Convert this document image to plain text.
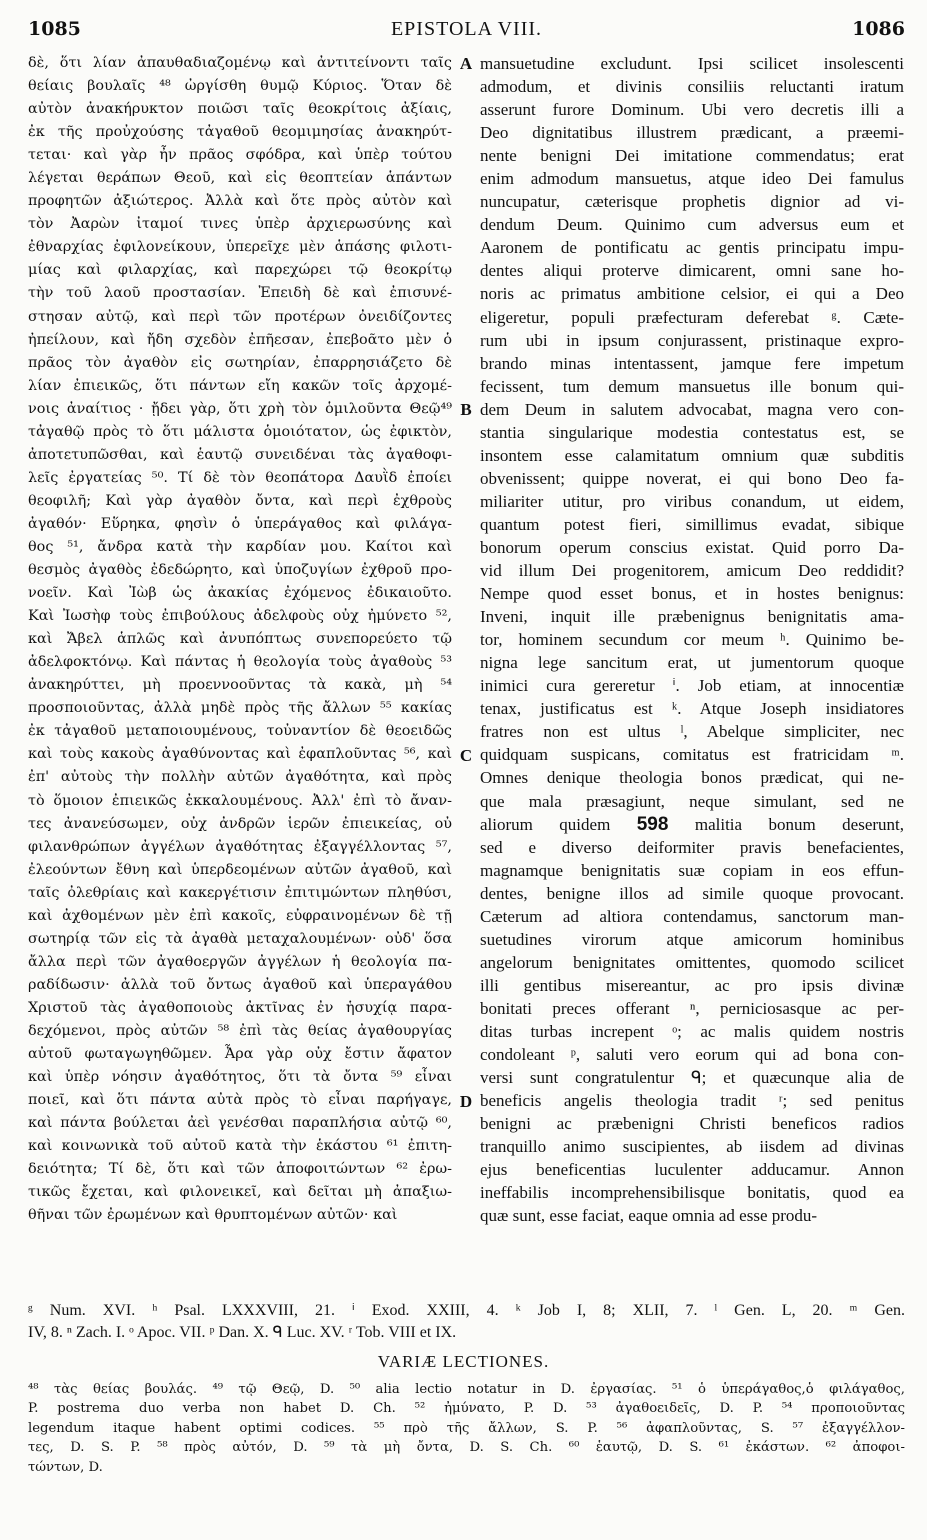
1085	EPISTOLA VIII.	1086
δὲ, ὅτι λίαν ἀπαυθαδιαζομένῳ καὶ ἀντιτείνοντι ταῖς
θείαις βουλαῖς ⁴⁸ ὠργίσθη θυμῷ Κύριος. Ὅταν δὲ
αὐτὸν ἀνακήρυκτον ποιῶσι ταῖς θεοκρίτοις ἀξίαις,
ἐκ τῆς προὐχούσης τἀγαθοῦ θεομιμησίας ἀνακηρύτ-
τεται· καὶ γὰρ ἦν πρᾶος σφόδρα, καὶ ὑπὲρ τούτου
λέγεται θεράπων Θεοῦ, καὶ εἰς θεοπτείαν ἁπάντων
προφητῶν ἀξιώτερος. Ἀλλὰ καὶ ὅτε πρὸς αὐτὸν καὶ
τὸν Ἀαρὼν ἰταμοί τινες ὑπὲρ ἀρχιερωσύνης καὶ
ἐθναρχίας ἐφιλονείκουν, ὑπερεῖχε μὲν ἁπάσης φιλοτι-
μίας καὶ φιλαρχίας, καὶ παρεχώρει τῷ θεοκρίτῳ
τὴν τοῦ λαοῦ προστασίαν. Ἐπειδὴ δὲ καὶ ἐπισυνέ-
στησαν αὐτῷ, καὶ περὶ τῶν προτέρων ὀνειδίζοντες
ἠπείλουν, καὶ ἤδη σχεδὸν ἐπῆεσαν, ἐπεβοᾶτο μὲν ὁ
πρᾶος τὸν ἀγαθὸν εἰς σωτηρίαν, ἐπαρρησιάζετο δὲ
λίαν ἐπιεικῶς, ὅτι πάντων εἴη κακῶν τοῖς ἀρχομέ-
νοις ἀναίτιος · ᾔδει γὰρ, ὅτι χρὴ τὸν ὁμιλοῦντα Θεῷ⁴⁹
τἀγαθῷ πρὸς τὸ ὅτι μάλιστα ὁμοιότατον, ὡς ἐφικτὸν,
ἀποτετυπῶσθαι, καὶ ἑαυτῷ συνειδέναι τὰς ἀγαθοφι-
λεῖς ἐργατείας ⁵⁰. Τί δὲ τὸν θεοπάτορα Δαυῒδ ἐποίει
θεοφιλῆ; Καὶ γὰρ ἀγαθὸν ὄντα, καὶ περὶ ἐχθροὺς
ἀγαθόν· Εὕρηκα, φησὶν ὁ ὑπεράγαθος καὶ φιλάγα-
θος ⁵¹, ἄνδρα κατὰ τὴν καρδίαν μου. Καίτοι καὶ
θεσμὸς ἀγαθὸς ἐδεδώρητο, καὶ ὑποζυγίων ἐχθροῦ προ-
νοεῖν. Καὶ Ἰὼβ ὡς ἀκακίας ἐχόμενος ἐδικαιοῦτο.
Καὶ Ἰωσὴφ τοὺς ἐπιβούλους ἀδελφοὺς οὐχ ἠμύνετο ⁵²,
καὶ Ἄβελ ἁπλῶς καὶ ἀνυπόπτως συνεπορεύετο τῷ
ἀδελφοκτόνῳ. Καὶ πάντας ἡ θεολογία τοὺς ἀγαθοὺς ⁵³
ἀνακηρύττει, μὴ προεννοοῦντας τὰ κακὰ, μὴ ⁵⁴
προσποιοῦντας, ἀλλὰ μηδὲ πρὸς τῆς ἄλλων ⁵⁵ κακίας
ἐκ τἀγαθοῦ μεταποιουμένους, τοὐναντίον δὲ θεοειδῶς
καὶ τοὺς κακοὺς ἀγαθύνοντας καὶ ἐφαπλοῦντας ⁵⁶, καὶ
ἐπ' αὐτοὺς τὴν πολλὴν αὐτῶν ἀγαθότητα, καὶ πρὸς
τὸ ὅμοιον ἐπιεικῶς ἐκκαλουμένους. Ἀλλ' ἐπὶ τὸ ἄναν-
τες ἀνανεύσωμεν, οὐχ ἀνδρῶν ἱερῶν ἐπιεικείας, οὐ
φιλανθρώπων ἀγγέλων ἀγαθότητας ἐξαγγέλλοντας ⁵⁷,
ἐλεούντων ἔθνη καὶ ὑπερδεομένων αὐτῶν ἀγαθοῦ, καὶ
ταῖς ὀλεθρίαις καὶ κακεργέτισιν ἐπιτιμώντων πληθύσι,
καὶ ἀχθομένων μὲν ἐπὶ κακοῖς, εὐφραινομένων δὲ τῇ
σωτηρίᾳ τῶν εἰς τὰ ἀγαθὰ μεταχαλουμένων· οὐδ' ὅσα
ἄλλα περὶ τῶν ἀγαθοεργῶν ἀγγέλων ἡ θεολογία πα-
ραδίδωσιν· ἀλλὰ τοῦ ὄντως ἀγαθοῦ καὶ ὑπεραγάθου
Χριστοῦ τὰς ἀγαθοποιοὺς ἀκτῖνας ἐν ἡσυχίᾳ παρα-
δεχόμενοι, πρὸς αὐτῶν ⁵⁸ ἐπὶ τὰς θείας ἀγαθουργίας
αὐτοῦ φωταγωγηθῶμεν. Ἆρα γὰρ οὐχ ἔστιν ἄφατον
καὶ ὑπὲρ νόησιν ἀγαθότητος, ὅτι τὰ ὄντα ⁵⁹ εἶναι
ποιεῖ, καὶ ὅτι πάντα αὐτὰ πρὸς τὸ εἶναι παρήγαγε,
καὶ πάντα βούλεται ἀεὶ γενέσθαι παραπλήσια αὐτῷ ⁶⁰,
καὶ κοινωνικὰ τοῦ αὐτοῦ κατὰ τὴν ἑκάστου ⁶¹ ἐπιτη-
δειότητα; Τί δὲ, ὅτι καὶ τῶν ἀποφοιτώντων ⁶² ἐρω-
τικῶς ἔχεται, καὶ φιλονεικεῖ, καὶ δεῖται μὴ ἀπαξιω-
θῆναι τῶν ἐρωμένων καὶ θρυπτομένων αὐτῶν· καὶ
A
B
C
D
mansuetudine excludunt. Ipsi scilicet insolescenti
admodum, et divinis consiliis reluctanti iratum
asserunt furore Dominum. Ubi vero decretis illi a
Deo dignitatibus illustrem prædicant, a præemi-
nente benigni Dei imitatione commendatus; erat
enim admodum mansuetus, atque ideo Dei famulus
nuncupatur, cæterisque prophetis dignior ad vi-
dendum Deum. Quinimo cum adversus eum et
Aaronem de pontificatu ac gentis principatu impu-
dentes aliqui proterve dimicarent, omni sane ho-
noris ac primatus ambitione celsior, ei qui a Deo
eligeretur, populi præfecturam deferebat ᵍ. Cæte-
rum ubi in ipsum conjurassent, pristinaque expro-
brando minas intentassent, jamque fere impetum
fecissent, tum demum mansuetus ille bonum qui-
dem Deum in salutem advocabat, magna vero con-
stantia singularique modestia contestatus est, se
insontem esse calamitatum omnium quæ subditis
obvenissent; quippe noverat, ei qui bono Deo fa-
miliariter utitur, pro viribus conandum, ut eidem,
quantum potest fieri, simillimus evadat, sibique
bonorum operum conscius existat. Quid porro Da-
vid illum Dei progenitorem, amicum Deo reddidit?
Nempe quod esset bonus, et in hostes benignus:
Inveni, inquit ille præbenignus benignitatis ama-
tor, hominem secundum cor meum ʰ. Quinimo be-
nigna lege sancitum erat, ut jumentorum quoque
inimici cura gereretur ⁱ. Job etiam, at innocentiæ
tenax, justificatus est ᵏ. Atque Joseph insidiatores
fratres non est ultus ˡ, Abelque simpliciter, nec
quidquam suspicans, comitatus est fratricidam ᵐ.
Omnes denique theologia bonos prædicat, qui ne-
que mala præsagiunt, neque simulant, sed ne
aliorum quidem 598 malitia bonum deserunt,
sed e diverso deiformiter pravis benefacientes,
magnamque benignitatis suæ copiam in eos effun-
dentes, benigne illos ad simile quoque provocant.
Cæterum ad altiora contendamus, sanctorum man-
suetudines virorum atque amicorum hominibus
angelorum benignitates omittentes, quomodo scilicet
illi gentibus misereantur, ac pro ipsis divinæ
bonitati preces offerant ⁿ, perniciosasque ac per-
ditas turbas increpent ᵒ; ac malis quidem nostris
condoleant ᵖ, saluti vero eorum qui ad bona con-
versi sunt congratulentur ᑫ; et quæcunque alia de
beneficis angelis theologia tradit ʳ; sed penitus
benigni ac præbenigni Christi beneficos radios
tranquillo animo suscipientes, ab iisdem ad divinas
ejus beneficentias luculenter adducamur. Annon
ineffabilis incomprehensibilisque bonitatis, quod ea
quæ sunt, esse faciat, eaque omnia ad esse produ-
ᵍ Num. XVI. ʰ Psal. LXXXVIII, 21. ⁱ Exod. XXIII, 4. ᵏ Job I, 8; XLII, 7. ˡ Gen. L, 20. ᵐ Gen.
IV, 8. ⁿ Zach. I. ᵒ Apoc. VII. ᵖ Dan. X. ᑫ Luc. XV. ʳ Tob. VIII et IX.
VARIÆ LECTIONES.
⁴⁸ τὰς θείας βουλάς. ⁴⁹ τῷ Θεῷ, D. ⁵⁰ alia lectio notatur in D. ἐργασίας. ⁵¹ ὁ ὑπεράγαθος,ὁ φιλάγαθος,
P. postrema duo verba non habet D. Ch. ⁵² ἠμύνατο, P. D. ⁵³ ἀγαθοειδεῖς, D. P. ⁵⁴ προποιοῦντας
legendum itaque habent optimi codices. ⁵⁵ πρὸ τῆς ἄλλων, S. P. ⁵⁶ ἀφαπλοῦντας, S. ⁵⁷ ἐξαγγέλλον-
τες, D. S. P. ⁵⁸ πρὸς αὐτόν, D. ⁵⁹ τὰ μὴ ὄντα, D. S. Ch. ⁶⁰ ἑαυτῷ, D. S. ⁶¹ ἐκάστων. ⁶² ἀποφοι-
τώντων, D.
